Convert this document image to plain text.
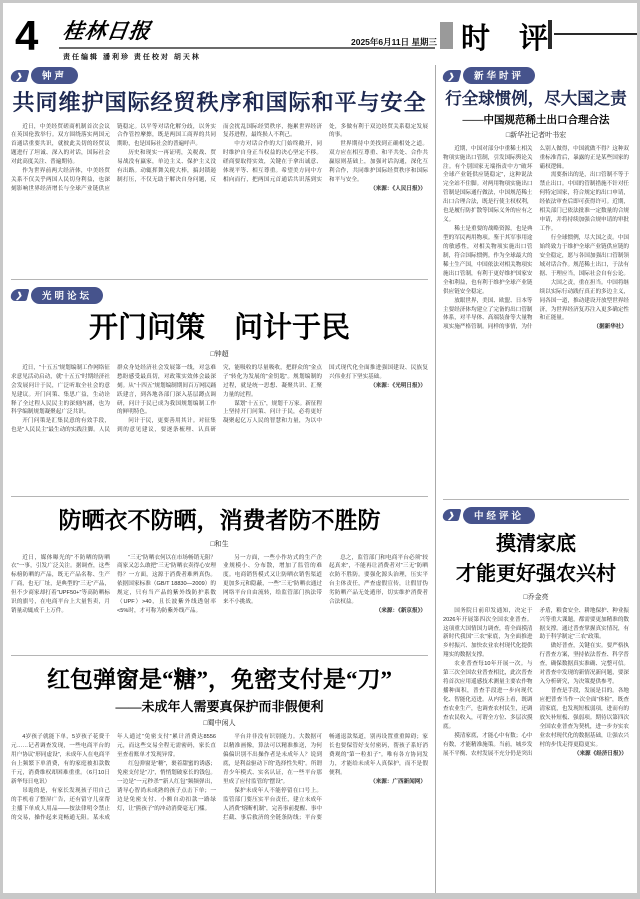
4 桂林日报
责任编辑 潘利珍 责任校对 胡天林
2025年6月11日 星期三 时　评
❯	钟声
共同维护国际经贸秩序和国际和平与安全

近日，中美经贸磋商机制首次会议在英国伦敦举行。双方围绕落实两国元首通话重要共识，就彼此关切的经贸议题进行了坦诚、深入的对话，国际社会对此高度关注、普遍期待。

作为世界前两大经济体，中美经贸关系不仅关乎两国人民切身利益，也深刻影响世界经济增长与全球产业链供应链稳定。以平等对话化解分歧，以务实合作管控摩擦，既是两国工商界的共同期盼，也是国际社会的普遍呼声。

历史和现实一再证明，关税战、贸易战没有赢家，单边主义、保护主义没有出路。动辄挥舞关税大棒，搞封锁遏制打压，不仅无助于解决自身问题，反而会扰乱国际经贸秩序，拖累世界经济复苏进程，最终损人不利己。

中方对话合作的大门始终敞开，同时维护自身正当权益的决心坚定不移。磋商要取得实效，关键在于拿出诚意、体现平等、相互尊重。希望美方同中方相向而行，把两国元首通话共识落到实处，多做有利于双边经贸关系稳定发展的事。

世界期待中美找到正确相处之道。双方应在相互尊重、和平共处、合作共赢原则基础上，加强对话沟通，深化互利合作，共同维护国际经贸秩序和国际和平与安全。

（来源：《人民日报》）

❯	光明论坛
开门问策　问计于民
□钟超

近日，“十五五”规划编制工作网络征求意见活动启动，就“十五五”时期经济社会发展问计于民，广泛听取全社会的意见建议。开门问策、集思广益，生动诠释了全过程人民民主的深刻内涵，也为科学编制规划凝聚起广泛共识。

开门问策是汇集民意的有效手段，也是“人民民主”最生动的实践注脚。人民群众身处经济社会发展第一线，对急难愁盼感受最真切，对政策实效体会最深刻。从“十四五”规划编制期间百万网民踊跃建言，到各地各部门深入基层蹲点调研，问计于民已成为我国规划编制工作的鲜明特色。

问计于民，更要善用其计。对征集到的意见建议，要逐条梳理、认真研究，能吸收的尽量吸收，把群众的“金点子”转化为发展的“金钥匙”。规划编制的过程，就是统一思想、凝聚共识、汇聚力量的过程。

谋划“十五五”，规划千万家。新征程上坚持开门问策、问计于民，必将更好凝聚起亿万人民的智慧和力量，为以中国式现代化全面推进强国建设、民族复兴伟业打下坚实基础。

（来源：《光明日报》）

防晒衣不防晒，消费者防不胜防
□和生

近日，媒体曝光的“不防晒的防晒衣”一事，引发广泛关注。据调查，这些标榜防晒的产品，既无产品名称、生产厂商，也无厂址，是典型的“三无”产品，但不少商家却打着“UPF50+”等高防晒标识的旗号，在电商平台上大量售卖，月销量动辄成千上万件。

“三无”防晒衣何以在市场畅销无阻？商家又怎么敢把“三无”防晒衣卖得心安理得？一方面，这源于消费者难辨真伪。依据国家标准（GB/T 18830—2009）的规定，只有当产品的紫外线防护系数（UPF）>40，且长波紫外线透射率<5%时，才可称为防紫外线产品。

另一方面，一些小作坊式的生产企业规模小、分布散，增加了监管的难度。电商销售模式又让防晒衣销售渠道更加多元和隐蔽，一些“三无”防晒衣通过网络平台自由流转，给监管部门执法带来不小挑战。

总之，监管部门和电商平台必须“较起真来”，不能再让消费者对“三无”防晒衣防不胜防。要强化源头治理，压实平台主体责任，严查虚假宣传，让假冒伪劣防晒产品无处遁形，切实维护消费者合法权益。

（来源：《新京报》）

红包弹窗是“糖”，免密支付是“刀”
——未成年人需要真保护而非假便利
□蜀中闲人

4岁孩子就能下单，5岁孩子花费千元……记者调查发现，一些电商平台的用户协议“形同虚设”，未成年人在电商平台上频繁下单消费，有的家庭被扣款数千元，消费维权却困难重重。（6月10日 新华每日电讯）

吊诡的是，有家长发现孩子用自己的手机看了整屏广告，还有留守儿童帮主播下单成人用品——按法律明令禁止的交易，操作起来竟畅通无阻。某未成年人通过“免密支付”累计消费达8556元，而这些交易全程无需密码，家长直至查看账单才发现异常。

红包弹窗是“糖”，裹着甜蜜的诱惑；免密支付是“刀”，悄悄划破家长的钱包。一边是“一元秒杀”“新人红包”频频弹出，诱导心智尚未成熟的孩子点击下单；一边是免密支付、小额自动扣款一路绿灯，让“熊孩子”的冲动消费毫无门槛。

平台并非没有识别能力。大数据可以精准画像，算法可以精准推送，为何偏偏识别不出操作者是未成年人？说到底，是利益驱动下的“选择性失明”。所谓青少年模式、实名认证，在一些平台那里成了应付监管的“摆设”。

保护未成年人不能停留在口号上。监管部门要压实平台责任，建立未成年人消费“熔断机制”，完善事前提醒、事中拦截、事后救济的全链条防线；平台要畅通退款渠道，别再设置重重障碍；家长也要保管好支付密码，帮孩子系好消费观的“第一粒扣子”。唯有各方协同发力，才能给未成年人真保护，而不是假便利。

（来源：广西新闻网）

❯	新华时评
行全球惯例，尽大国之责
——中国规范稀土出口合理合法
□新华社记者叶书宏

近期，中国对部分中重稀土相关物项实施出口管制，引发国际舆论关注。有个别国家无端指责中方“破坏全球产业链供应链稳定”，这种说法完全站不住脚。对两用物项实施出口管制是国际通行做法，中国规范稀土出口合理合法，既是行使主权权利，也是履行防扩散等国际义务的应有之义。

稀土是重要的战略资源，也是典型的军民两用物项。鉴于其军事用途的敏感性，对相关物项实施出口管制，符合国际惯例。作为全球最大的稀土生产国，中国依法对相关物项实施出口管制，有利于更好维护国家安全和利益，也有利于维护全球产业链供应链安全稳定。

放眼世界，美国、欧盟、日本等主要经济体均建立了完备的出口管制体系，对半导体、高端装备等大量物项实施严格管制。同样的事情，为什么别人做得，中国就做不得？这种双重标准背后，暴露的正是某些国家的霸权逻辑。

需要指出的是，出口管制不等于禁止出口。中国的管制措施不针对任何特定国家，符合规定的出口申请，经依法审查后即可获得许可。近期，相关部门已依法批准一定数量的合规申请，并将持续加强合规申请的审批工作。

行全球惯例，尽大国之责。中国始终致力于维护全球产业链供应链的安全稳定，愿与各国加强出口管制领域对话合作。规范稀土出口，于法有据、于理应当，国际社会自有公论。

大国之责，重在担当。中国将继续以实际行动践行真正的多边主义，同各国一道，推动建设开放型世界经济，为世界经济复苏注入更多确定性和正能量。

（据新华社）

❯	中经评论
摸清家底
才能更好强农兴村
□乔金亮

国务院日前印发通知，决定于2026年开展第四次全国农业普查。这项重大国情国力调查，将全面摸清新时代我国“三农”家底，为全面推进乡村振兴、加快农业农村现代化提供翔实的数据支撑。

农业普查每10年开展一次。与第三次全国农业普查相比，此次普查将首次应用遥感技术测量主要农作物播种面积，普查手段进一步向现代化、智能化迈进。从内容上看，既调查农业生产，也调查农村民生，还调查农民收入，可谓全方位、多层次摸底。

摸清家底，才能心中有数；心中有数，才能精准施策。当前，城乡发展不平衡、农村发展不充分仍是突出矛盾，粮食安全、耕地保护、种业振兴等重大课题，都需要更加精准的数据支撑。通过普查掌握真实情况，有助于科学制定“三农”政策。

做好普查，关键在实。要严格执行普查方案，坚持依法普查、科学普查，确保数据真实准确、完整可信。对普查中发现的新情况新问题，要深入分析研究，为决策提供参考。

普查是手段，发展是目的。各地应把普查当作一次全面“体检”，既查清家底，也发现短板弱项，进而有的放矢补短板、强弱项。期待以第四次全国农业普查为契机，进一步夯实农业农村现代化的数据基础，让强农兴村的步伐走得更稳更实。

（来源《经济日报》）
